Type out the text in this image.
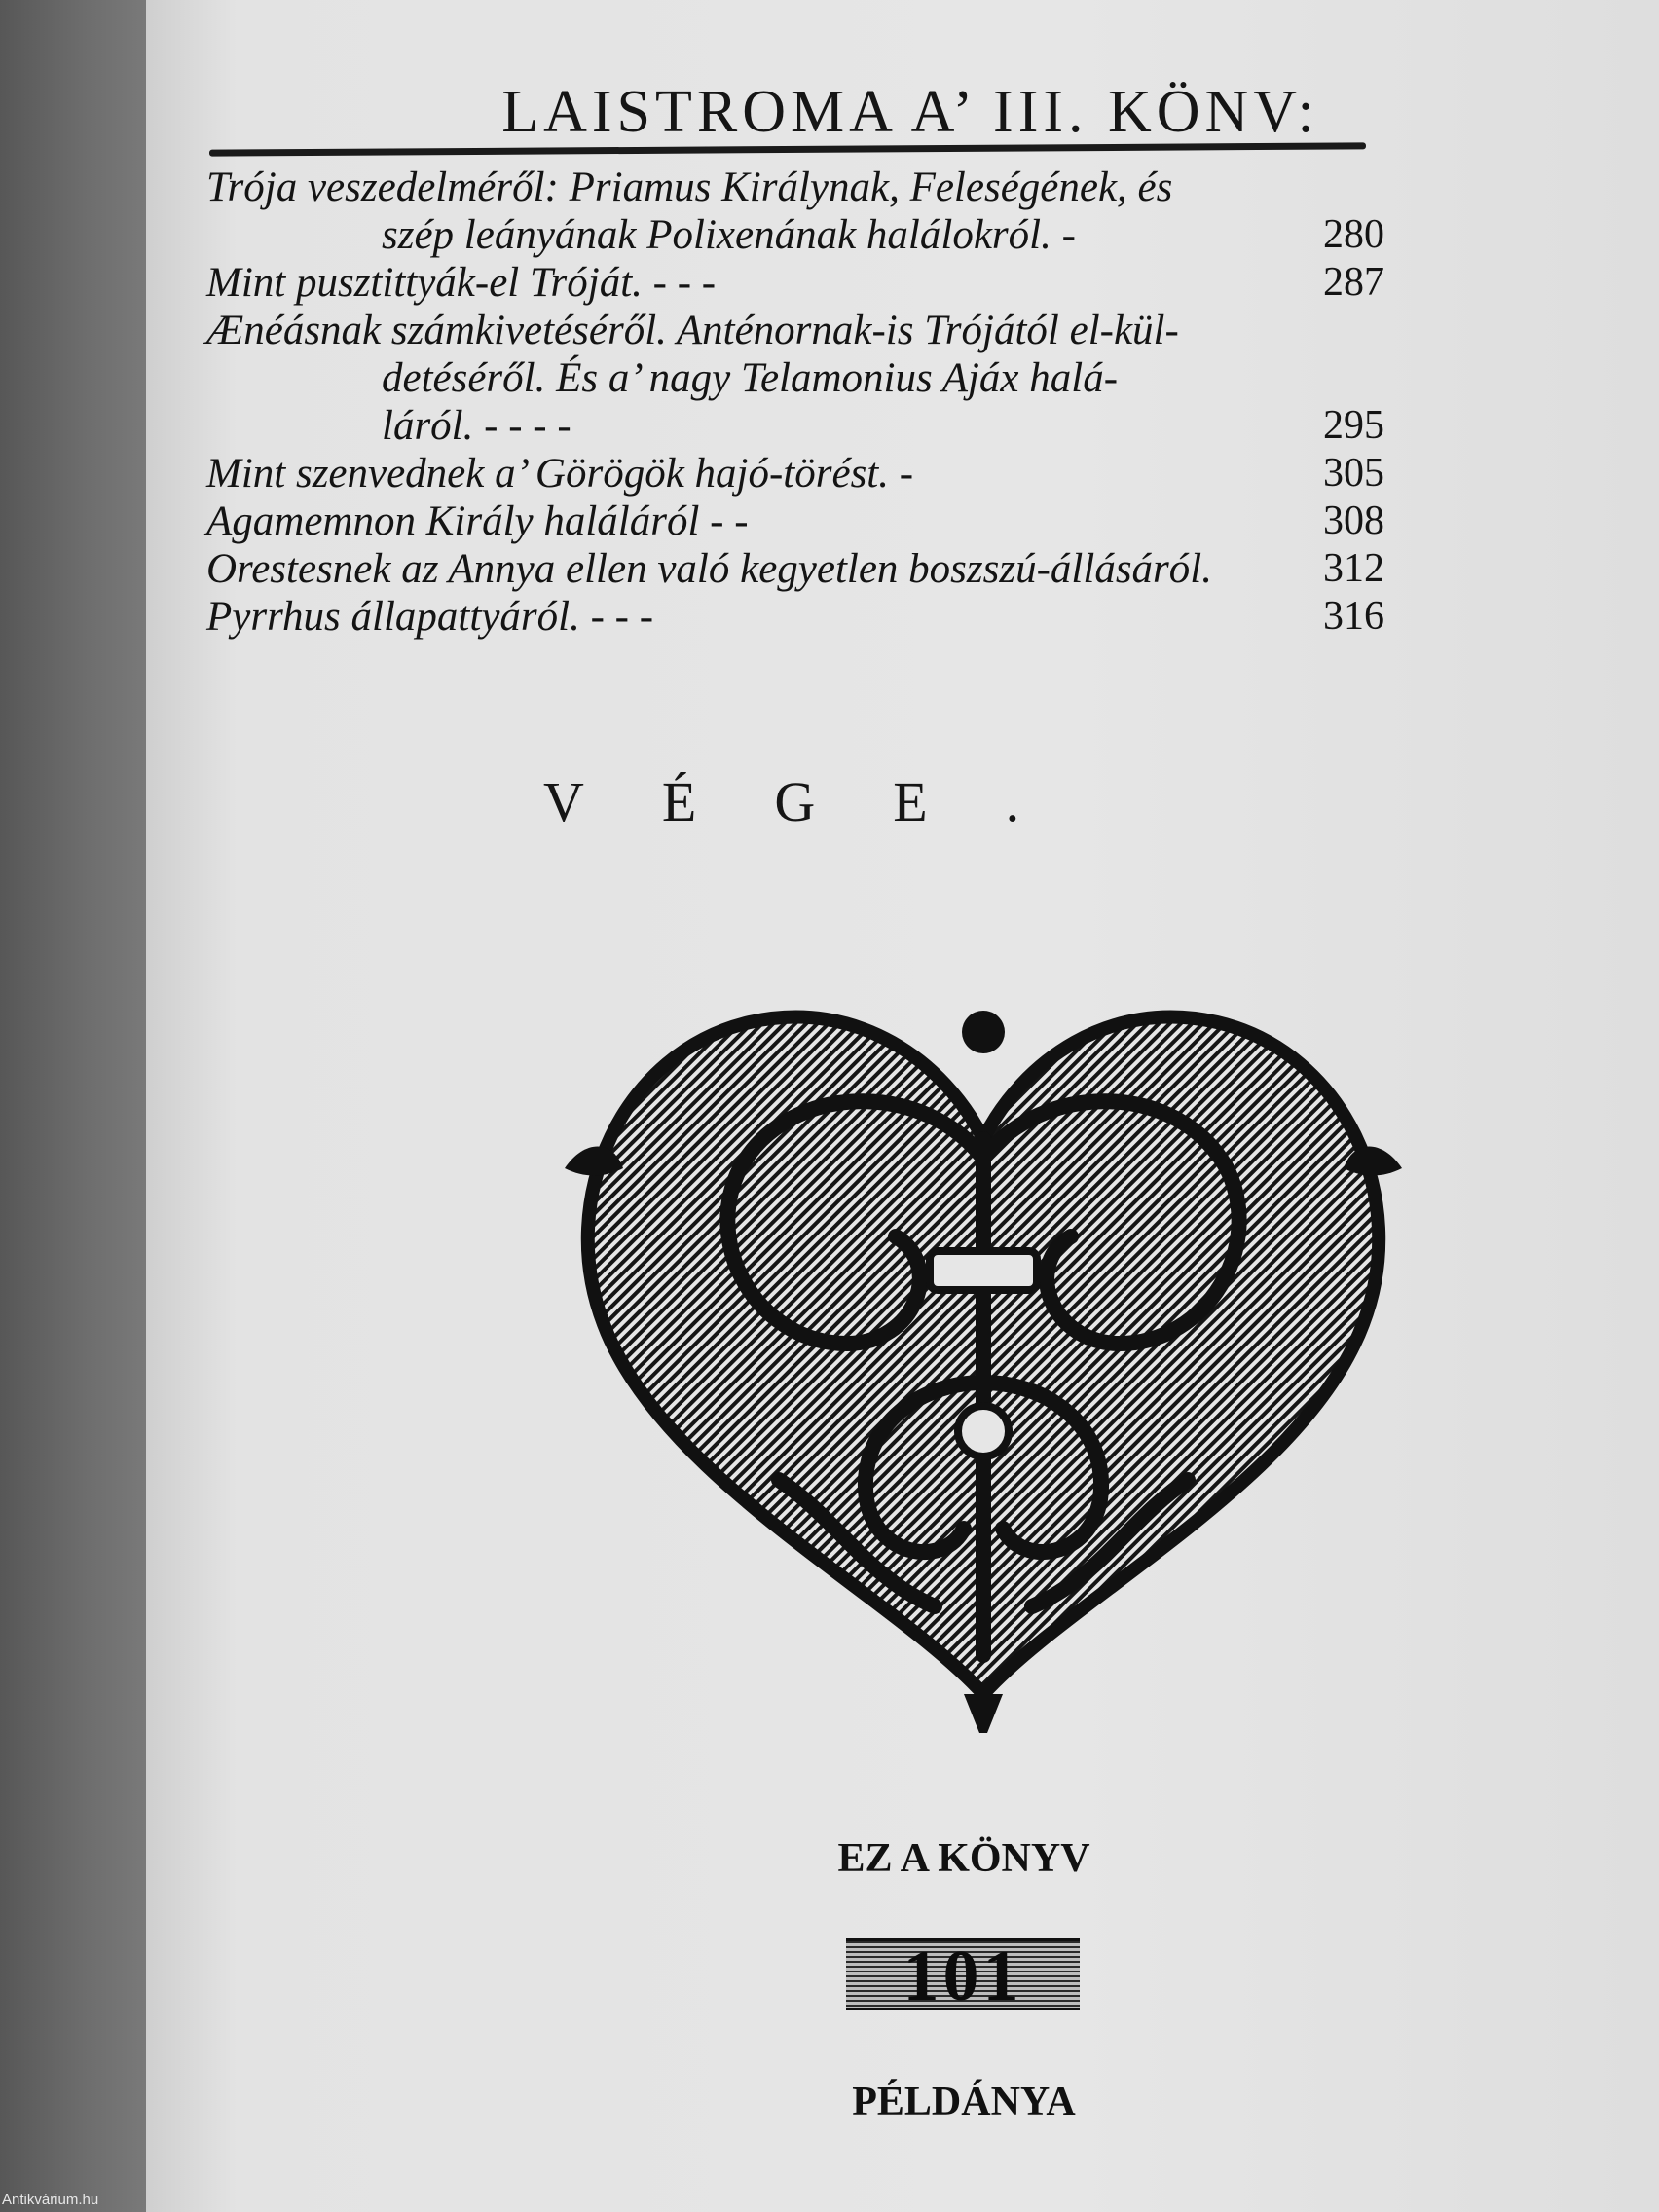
LAISTROMA A’ III. KÖNV:
Trója veszedelméről: Priamus Királynak, Feleségének, és
szép leányának Polixenának halálokról. -	280
Mint pusztittyák-el Tróját. - - -	287
Ænéásnak számkivetéséről. Anténornak-is Trójától el-kül-
detéséről. És a’ nagy Telamonius Ajáx halá-
láról. - - - -	295
Mint szenvednek a’ Görögök hajó-törést. -	305
Agamemnon Király haláláról - -	308
Orestesnek az Annya ellen való kegyetlen boszszú-állásáról.	312
Pyrrhus állapattyáról. - - -	316
VÉGE.
EZ A KÖNYV
101
PÉLDÁNYA
Antikvárium.hu
